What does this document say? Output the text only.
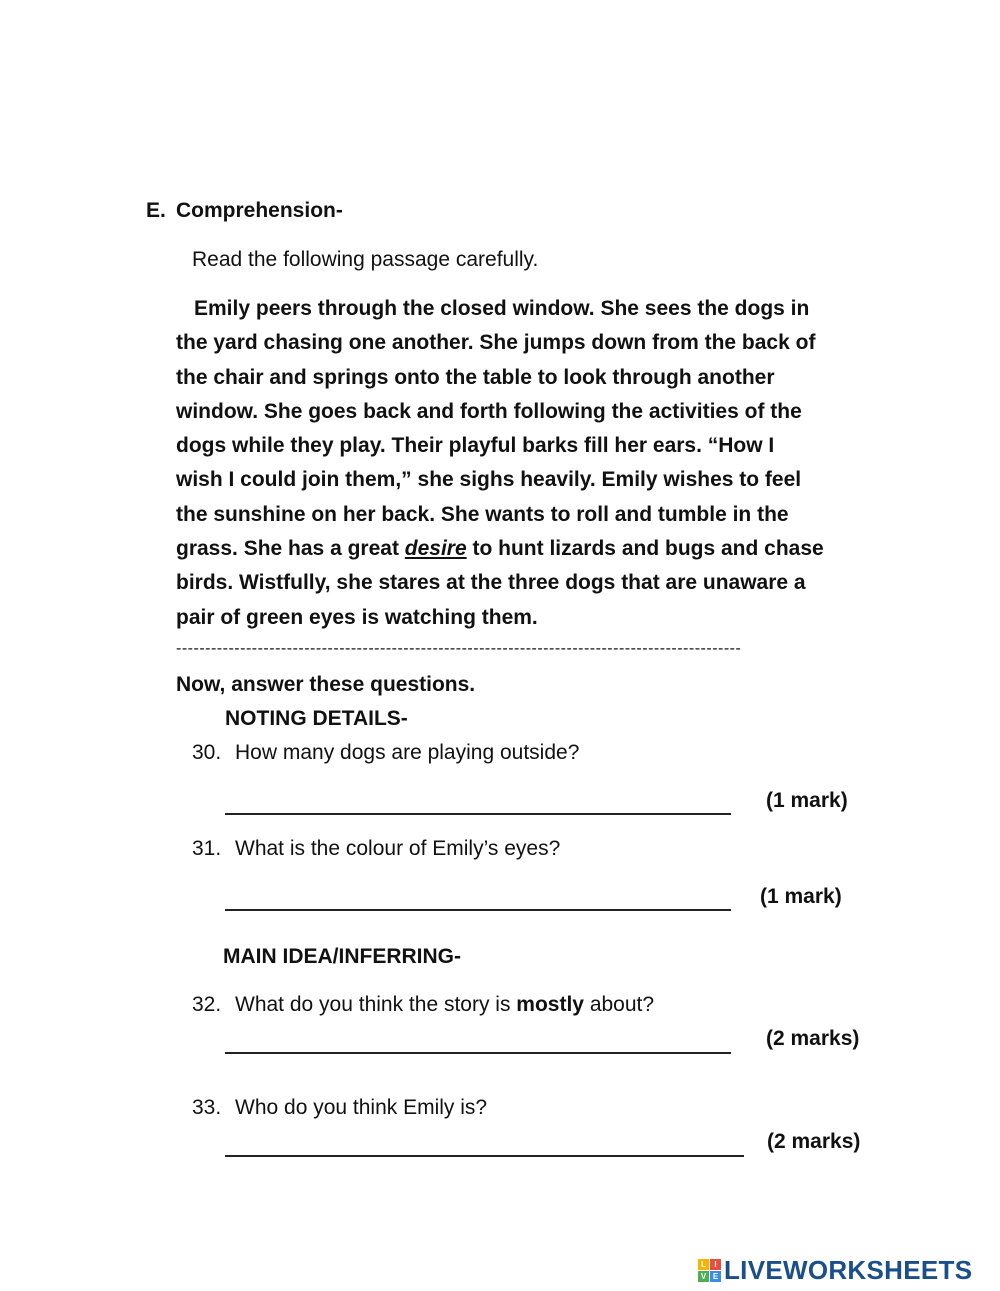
E. Comprehension-
Read the following passage carefully.
Emily peers through the closed window. She sees the dogs in
the yard chasing one another. She jumps down from the back of
the chair and springs onto the table to look through another
window. She goes back and forth following the activities of the
dogs while they play. Their playful barks fill her ears. “How I
wish I could join them,” she sighs heavily. Emily wishes to feel
the sunshine on her back. She wants to roll and tumble in the
grass. She has a great desire to hunt lizards and bugs and chase
birds. Wistfully, she stares at the three dogs that are unaware a
pair of green eyes is watching them.
-------------------------------------------------------------------------------------------------
Now, answer these questions.
NOTING DETAILS-
30. How many dogs are playing outside?
(1 mark)
31. What is the colour of Emily’s eyes?
(1 mark)
MAIN IDEA/INFERRING-
32. What do you think the story is mostly about?
(2 marks)
33. Who do you think Emily is?
(2 marks)
L	I
V E LIVEWORKSHEETS
